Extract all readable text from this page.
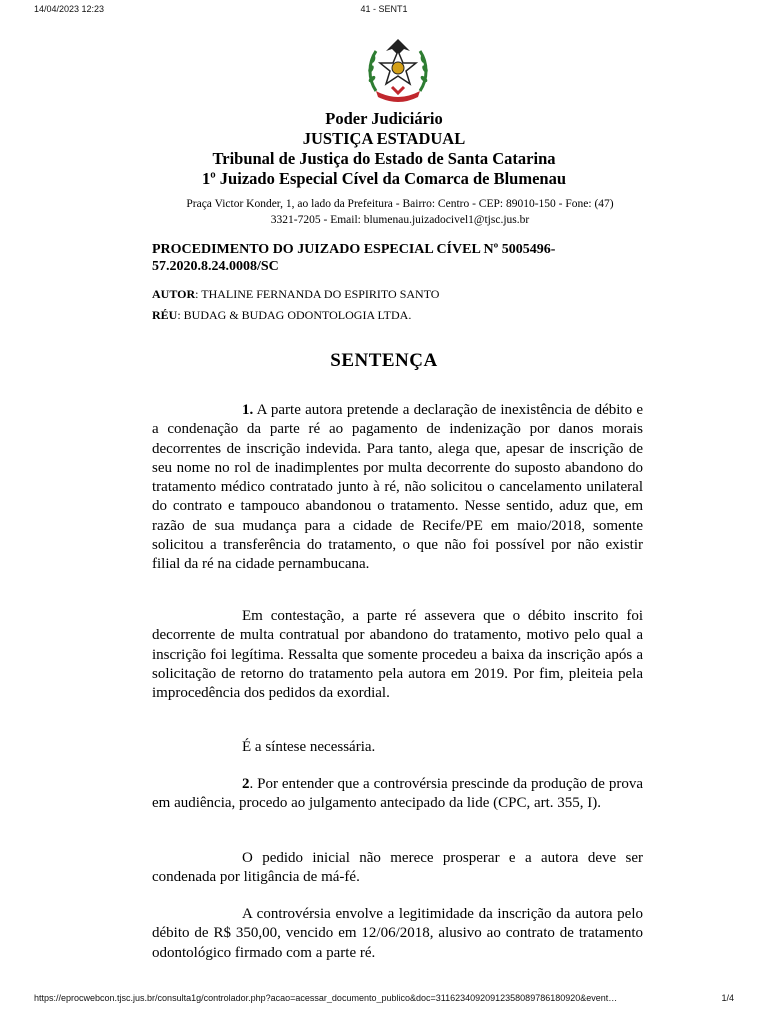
14/04/2023 12:23	41 - SENT1
Poder Judiciário
JUSTIÇA ESTADUAL
Tribunal de Justiça do Estado de Santa Catarina
1º Juizado Especial Cível da Comarca de Blumenau
Praça Victor Konder, 1, ao lado da Prefeitura - Bairro: Centro - CEP: 89010-150 - Fone: (47)
3321-7205 - Email: blumenau.juizadocivel1@tjsc.jus.br
PROCEDIMENTO DO JUIZADO ESPECIAL CÍVEL Nº 5005496-
57.2020.8.24.0008/SC
AUTOR: THALINE FERNANDA DO ESPIRITO SANTO
RÉU: BUDAG & BUDAG ODONTOLOGIA LTDA.
SENTENÇA

1. A parte autora pretende a declaração de inexistência de débito e a condenação da parte ré ao pagamento de indenização por danos morais decorrentes de inscrição indevida. Para tanto, alega que, apesar de inscrição de seu nome no rol de inadimplentes por multa decorrente do suposto abandono do tratamento médico contratado junto à ré, não solicitou o cancelamento unilateral do contrato e tampouco abandonou o tratamento. Nesse sentido, aduz que, em razão de sua mudança para a cidade de Recife/PE em maio/2018, somente solicitou a transferência do tratamento, o que não foi possível por não existir filial da ré na cidade pernambucana.

Em contestação, a parte ré assevera que o débito inscrito foi decorrente de multa contratual por abandono do tratamento, motivo pelo qual a inscrição foi legítima. Ressalta que somente procedeu a baixa da inscrição após a solicitação de retorno do tratamento pela autora em 2019. Por fim, pleiteia pela improcedência dos pedidos da exordial.

É a síntese necessária.

2. Por entender que a controvérsia prescinde da produção de prova em audiência, procedo ao julgamento antecipado da lide (CPC, art. 355, I).

O pedido inicial não merece prosperar e a autora deve ser condenada por litigância de má-fé.

A controvérsia envolve a legitimidade da inscrição da autora pelo débito de R$ 350,00, vencido em 12/06/2018, alusivo ao contrato de tratamento odontológico firmado com a parte ré.

https://eprocwebcon.tjsc.jus.br/consulta1g/controlador.php?acao=acessar_documento_publico&doc=31162340920912358089786180920&event…	1/4
